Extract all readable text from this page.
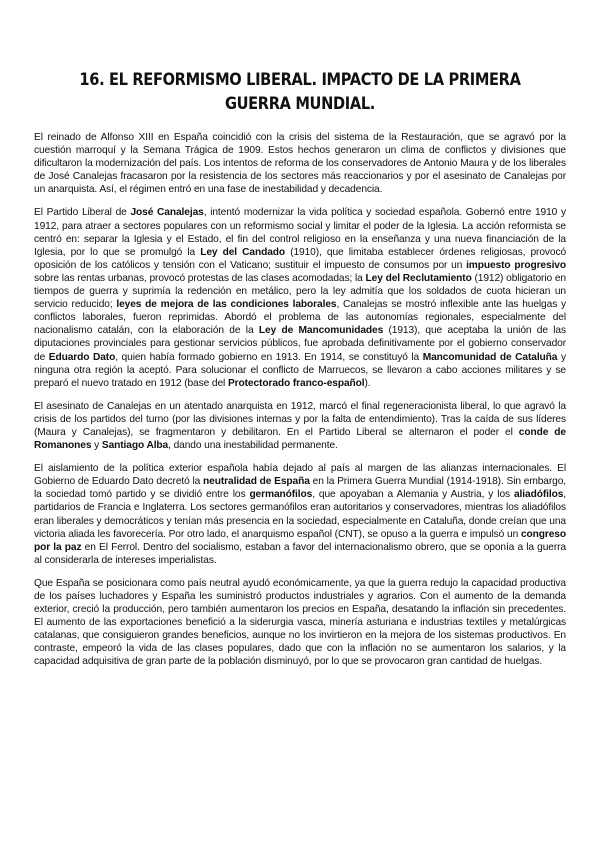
16. EL REFORMISMO LIBERAL. IMPACTO DE LA PRIMERA GUERRA MUNDIAL.

El reinado de Alfonso XIII en España coincidió con la crisis del sistema de la Restauración, que se agravó por la cuestión marroquí y la Semana Trágica de 1909. Estos hechos generaron un clima de conflictos y divisiones que dificultaron la modernización del país. Los intentos de reforma de los conservadores de Antonio Maura y de los liberales de José Canalejas fracasaron por la resistencia de los sectores más reaccionarios y por el asesinato de Canalejas por un anarquista. Así, el régimen entró en una fase de inestabilidad y decadencia.

El Partido Liberal de José Canalejas, intentó modernizar la vida política y sociedad española. Gobernó entre 1910 y 1912, para atraer a sectores populares con un reformismo social y limitar el poder de la Iglesia. La acción reformista se centró en: separar la Iglesia y el Estado, el fin del control religioso en la enseñanza y una nueva financiación de la Iglesia, por lo que se promulgó la Ley del Candado (1910), que limitaba establecer órdenes religiosas, provocó oposición de los católicos y tensión con el Vaticano; sustituir el impuesto de consumos por un impuesto progresivo sobre las rentas urbanas, provocó protestas de las clases acomodadas; la Ley del Reclutamiento (1912) obligatorio en tiempos de guerra y suprimía la redención en metálico, pero la ley admitía que los soldados de cuota hicieran un servicio reducido; leyes de mejora de las condiciones laborales, Canalejas se mostró inflexible ante las huelgas y conflictos laborales, fueron reprimidas. Abordó el problema de las autonomías regionales, especialmente del nacionalismo catalán, con la elaboración de la Ley de Mancomunidades (1913), que aceptaba la unión de las diputaciones provinciales para gestionar servicios públicos, fue aprobada definitivamente por el gobierno conservador de Eduardo Dato, quien había formado gobierno en 1913. En 1914, se constituyó la Mancomunidad de Cataluña y ninguna otra región la aceptó. Para solucionar el conflicto de Marruecos, se llevaron a cabo acciones militares y se preparó el nuevo tratado en 1912 (base del Protectorado franco-español).

El asesinato de Canalejas en un atentado anarquista en 1912, marcó el final regeneracionista liberal, lo que agravó la crisis de los partidos del turno (por las divisiones internas y por la falta de entendimiento). Tras la caída de sus líderes (Maura y Canalejas), se fragmentaron y debilitaron. En el Partido Liberal se alternaron el poder el conde de Romanones y Santiago Alba, dando una inestabilidad permanente.

El aislamiento de la política exterior española había dejado al país al margen de las alianzas internacionales. El Gobierno de Eduardo Dato decretó la neutralidad de España en la Primera Guerra Mundial (1914-1918). Sin embargo, la sociedad tomó partido y se dividió entre los germanófilos, que apoyaban a Alemania y Austria, y los aliadófilos, partidarios de Francia e Inglaterra. Los sectores germanófilos eran autoritarios y conservadores, mientras los aliadófilos eran liberales y democráticos y tenían más presencia en la sociedad, especialmente en Cataluña, donde creían que una victoria aliada les favorecería. Por otro lado, el anarquismo español (CNT), se opuso a la guerra e impulsó un congreso por la paz en El Ferrol. Dentro del socialismo, estaban a favor del internacionalismo obrero, que se oponía a la guerra al considerarla de intereses imperialistas.

Que España se posicionara como país neutral ayudó económicamente, ya que la guerra redujo la capacidad productiva de los países luchadores y España les suministró productos industriales y agrarios. Con el aumento de la demanda exterior, creció la producción, pero también aumentaron los precios en España, desatando la inflación sin precedentes. El aumento de las exportaciones benefició a la siderurgia vasca, minería asturiana e industrias textiles y metalúrgicas catalanas, que consiguieron grandes beneficios, aunque no los invirtieron en la mejora de los sistemas productivos. En contraste, empeoró la vida de las clases populares, dado que con la inflación no se aumentaron los salarios, y la capacidad adquisitiva de gran parte de la población disminuyó, por lo que se provocaron gran cantidad de huelgas.
